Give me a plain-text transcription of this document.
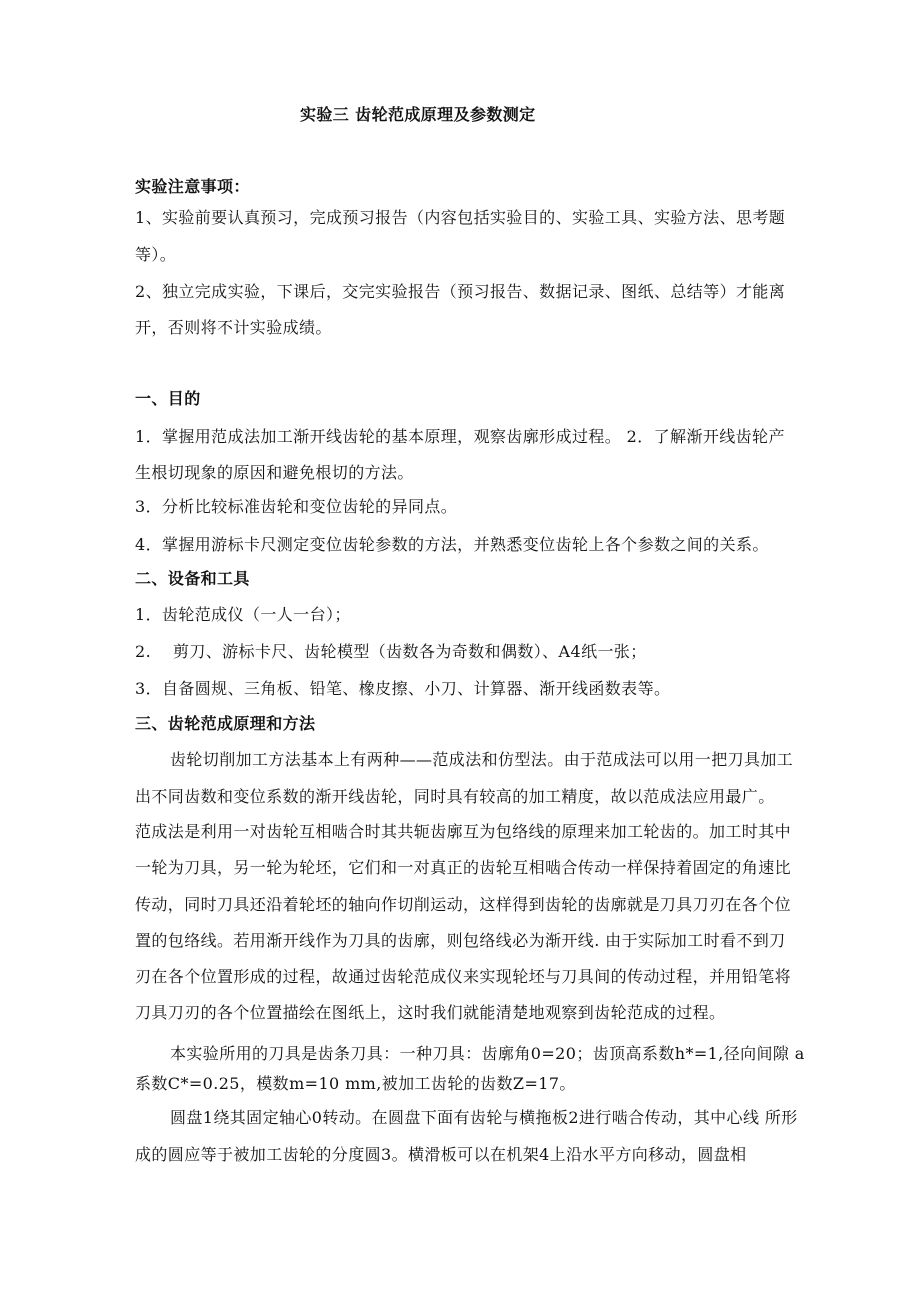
实验三 齿轮范成原理及参数测定
实验注意事项：
1、实验前要认真预习，完成预习报告（内容包括实验目的、实验工具、实验方法、思考题
等）。
2、独立完成实验，下课后，交完实验报告（预习报告、数据记录、图纸、总结等）才能离
开，否则将不计实验成绩。
一、目的
1．掌握用范成法加工渐开线齿轮的基本原理，观察齿廓形成过程。 2．了解渐开线齿轮产
生根切现象的原因和避免根切的方法。
3．分析比较标准齿轮和变位齿轮的异同点。
4．掌握用游标卡尺测定变位齿轮参数的方法，并熟悉变位齿轮上各个参数之间的关系。
二、设备和工具
1．齿轮范成仪（一人一台）；
2.　 剪刀、游标卡尺、齿轮模型（齿数各为奇数和偶数）、A4纸一张；
3．自备圆规、三角板、铅笔、橡皮擦、小刀、计算器、渐开线函数表等。
三、齿轮范成原理和方法
齿轮切削加工方法基本上有两种——范成法和仿型法。由于范成法可以用一把刀具加工
出不同齿数和变位系数的渐开线齿轮，同时具有较高的加工精度，故以范成法应用最广。
范成法是利用一对齿轮互相啮合时其共轭齿廓互为包络线的原理来加工轮齿的。加工时其中
一轮为刀具，另一轮为轮坯，它们和一对真正的齿轮互相啮合传动一样保持着固定的角速比
传动，同时刀具还沿着轮坯的轴向作切削运动，这样得到齿轮的齿廓就是刀具刀刃在各个位
置的包络线。若用渐开线作为刀具的齿廓，则包络线必为渐开线. 由于实际加工时看不到刀
刃在各个位置形成的过程，故通过齿轮范成仪来实现轮坯与刀具间的传动过程，并用铅笔将
刀具刀刃的各个位置描绘在图纸上，这时我们就能清楚地观察到齿轮范成的过程。
本实验所用的刀具是齿条刀具：一种刀具：齿廓角0=20；齿顶高系数h*=1,径向间隙 a
系数C*=0.25，模数m=10 mm,被加工齿轮的齿数Z=17。
圆盘1绕其固定轴心0转动。在圆盘下面有齿轮与横拖板2进行啮合传动，其中心线 所形
成的圆应等于被加工齿轮的分度圆3。横滑板可以在机架4上沿水平方向移动，圆盘相
